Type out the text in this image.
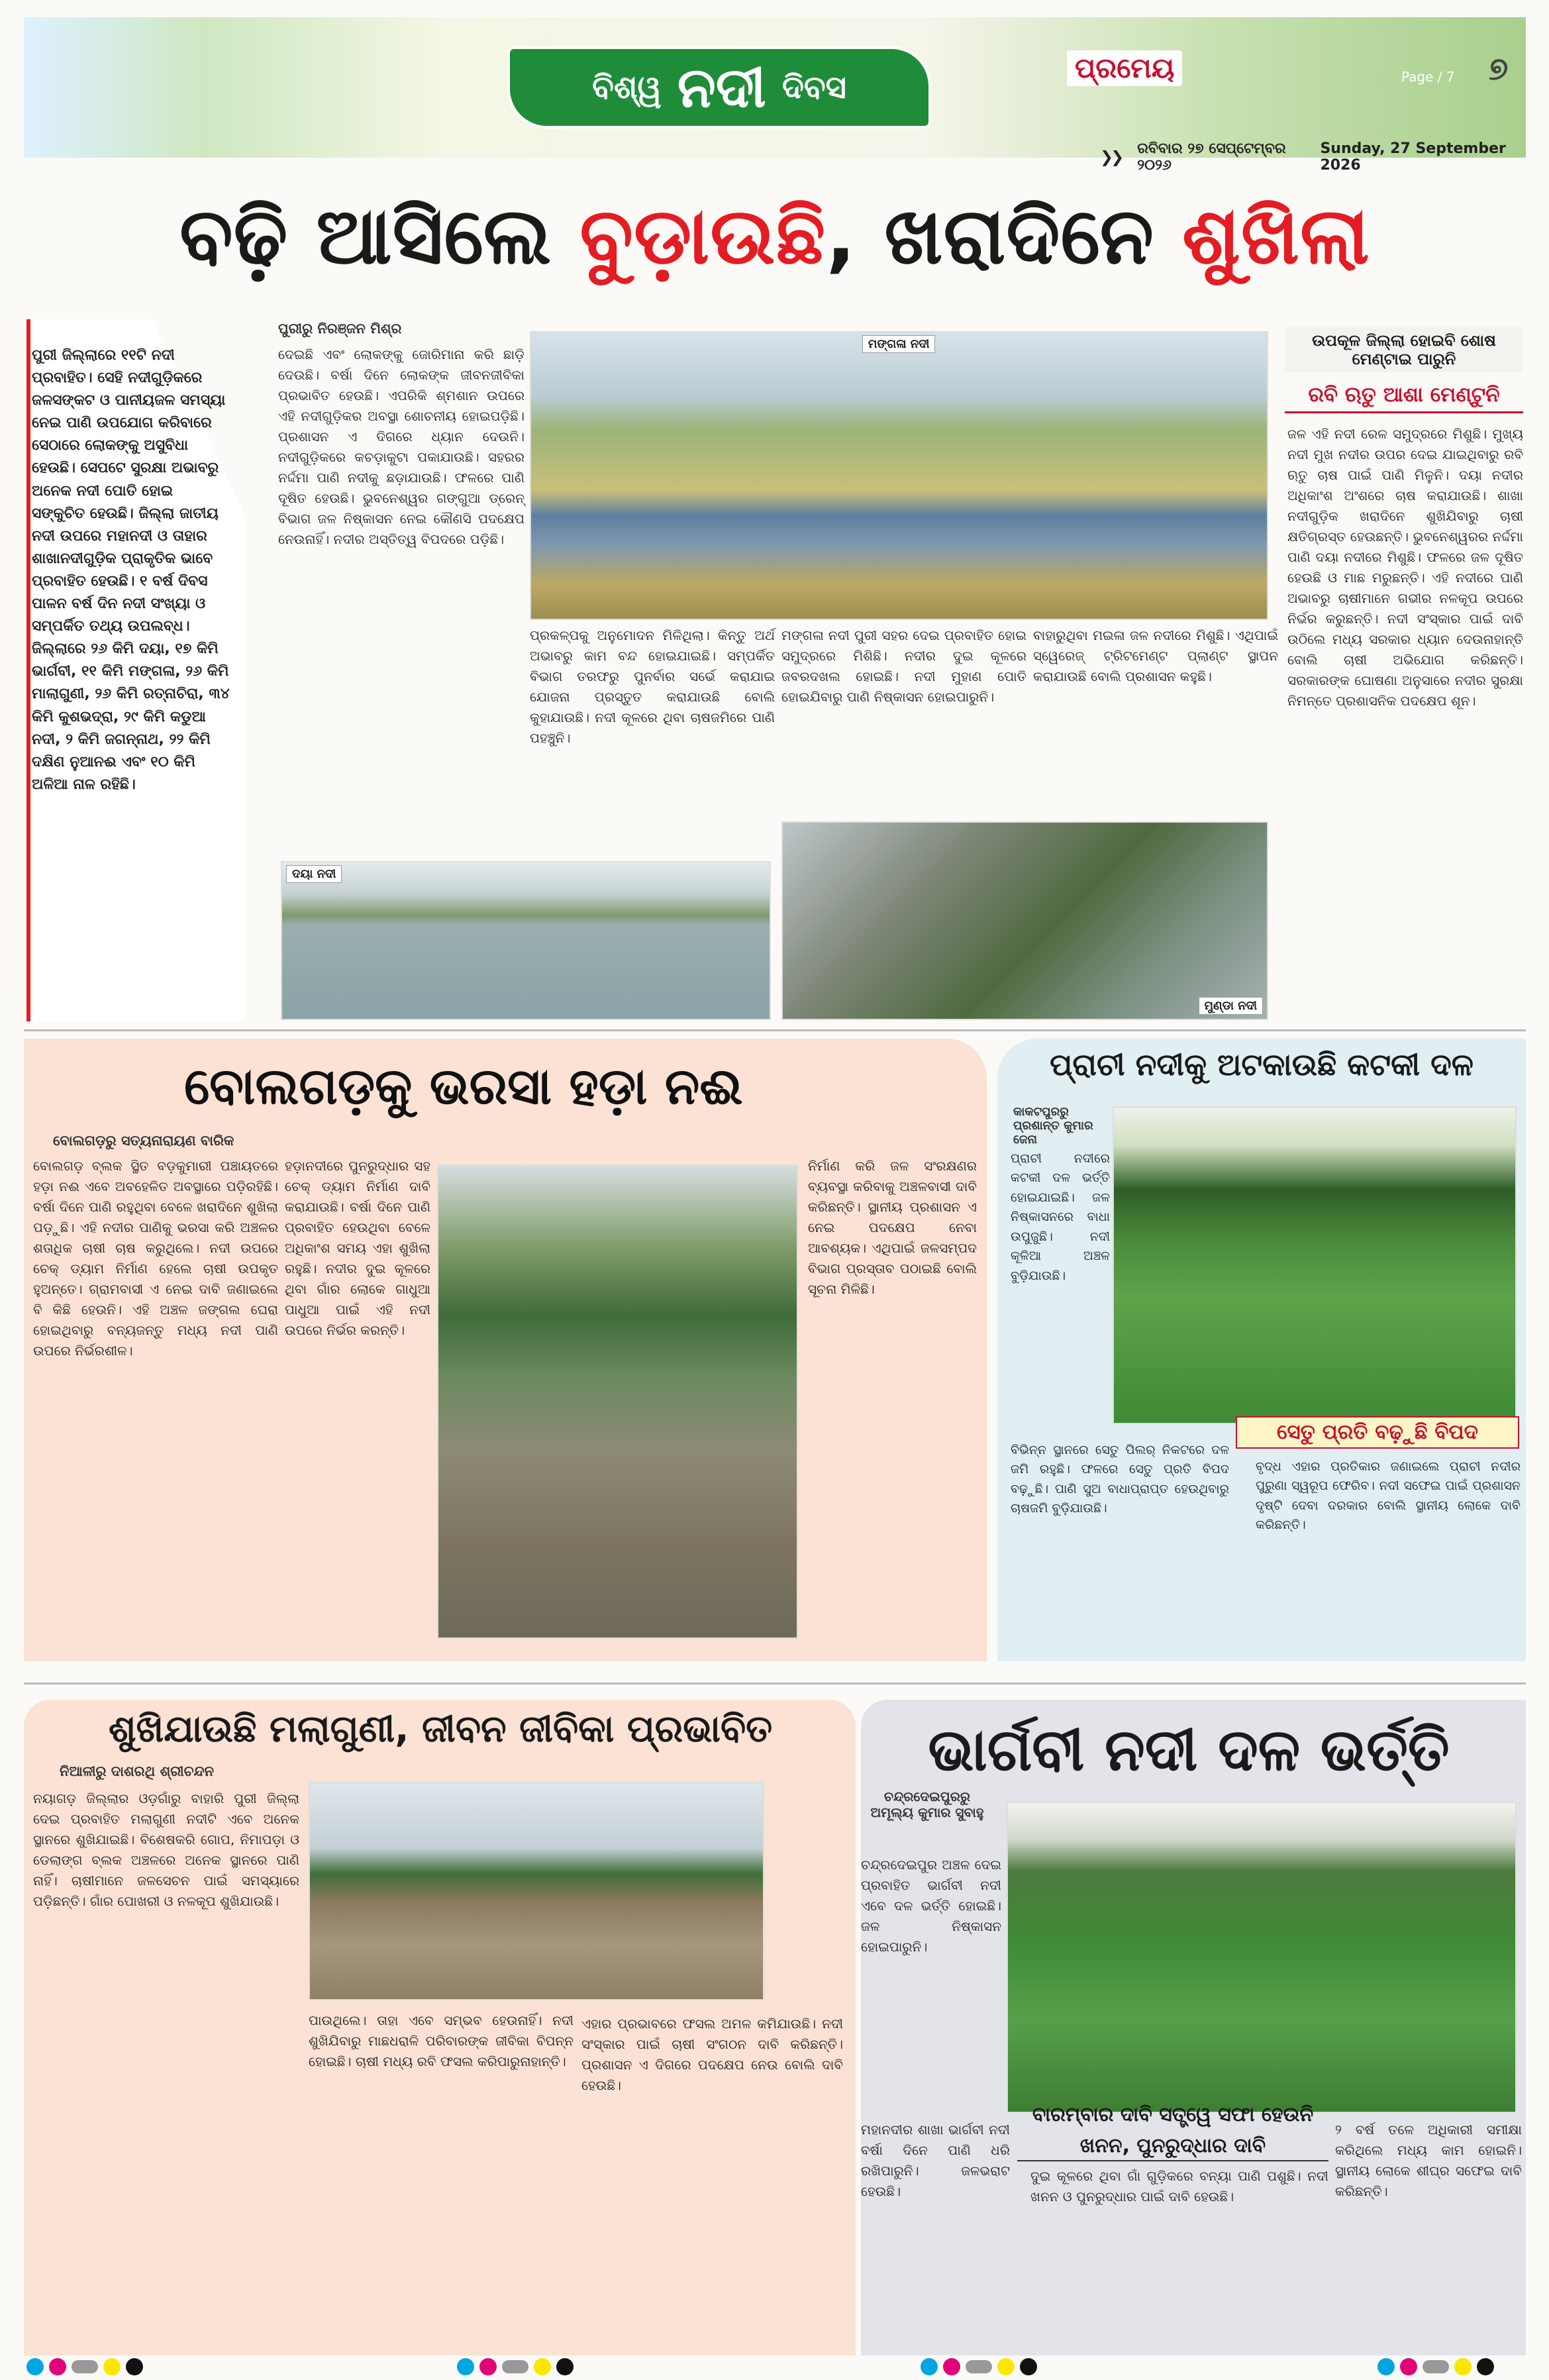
ବିଶ୍ୱ ନଦୀ ଦିବସ
ପ୍ରମେୟ	Page / 7 ୭
❯❯ ରବିବାର ୨୭ ସେପ୍ଟେମ୍ବର ୨୦୨୬
Sunday, 27 September 2026
ବଢ଼ି ଆସିଲେ ବୁଡ଼ାଉଛି, ଖରାଦିନେ ଶୁଖିଲା
ପୁରୀ ଜିଲ୍ଲାରେ ୧୧ଟି ନଦୀ ପ୍ରବାହିତ। ସେହି ନଦୀଗୁଡ଼ିକରେ ଜଳସଙ୍କଟ ଓ ପାନୀୟଜଳ ସମସ୍ୟା ନେଇ ପାଣି ଉପଯୋଗ କରିବାରେ ସେଠାରେ ଲୋକଙ୍କୁ ଅସୁବିଧା ହେଉଛି। ସେପଟେ ସୁରକ୍ଷା ଅଭାବରୁ ଅନେକ ନଦୀ ପୋତି ହୋଇ ସଙ୍କୁଚିତ ହେଉଛି। ଜିଲ୍ଲା ଜାତୀୟ ନଦୀ ଉପରେ ମହାନଦୀ ଓ ତାହାର ଶାଖାନଦୀଗୁଡ଼ିକ ପ୍ରାକୃତିକ ଭାବେ ପ୍ରବାହିତ ହେଉଛି। ୧ ବର୍ଷ ଦିବସ ପାଳନ ବର୍ଷ ଦିନ ନଦୀ ସଂଖ୍ୟା ଓ ସମ୍ପର୍କିତ ତଥ୍ୟ ଉପଲବ୍ଧ। ଜିଲ୍ଲାରେ ୨୬ କିମି ଦୟା, ୧୭ କିମି ଭାର୍ଗବୀ, ୧୧ କିମି ମଙ୍ଗଳା, ୨୬ କିମି ମାଲାଗୁଣୀ, ୨୬ କିମି ରତ୍ନାଚିରା, ୩୪ କିମି କୁଶଭଦ୍ରା, ୨୯ କିମି କଡୁଆ ନଦୀ, ୨ କିମି ଜଗନ୍ନାଥ, ୨୨ କିମି ଦକ୍ଷିଣ ନୁଆନଈ ଏବଂ ୧୦ କିମି ଅଳିଆ ନାଳ ରହିଛି।
ପୁରୀରୁ ନିରଞ୍ଜନ ମିଶ୍ର
ଦେଇଛି ଏବଂ ଲୋକଙ୍କୁ ଜୋରିମାନା କରି ଛାଡ଼ି ଦେଉଛି। ବର୍ଷା ଦିନେ ଲୋକଙ୍କ ଜୀବନଜୀବିକା ପ୍ରଭାବିତ ହେଉଛି। ଏପରିକି ଶ୍ମଶାନ ଉପରେ ଏହି ନଦୀଗୁଡ଼ିକର ଅବସ୍ଥା ଶୋଚନୀୟ ହୋଇପଡ଼ିଛି। ପ୍ରଶାସନ ଏ ଦିଗରେ ଧ୍ୟାନ ଦେଉନି। ନଦୀଗୁଡ଼ିକରେ କଚଡ଼ାକୁଟା ପକାଯାଉଛି। ସହରର ନର୍ଦ୍ଦମା ପାଣି ନଦୀକୁ ଛଡ଼ାଯାଉଛି। ଫଳରେ ପାଣି ଦୂଷିତ ହେଉଛି। ଭୁବନେଶ୍ୱର ଗଙ୍ଗୁଆ ଡ୍ରେନ୍ ବିଭାଗ ଜଳ ନିଷ୍କାସନ ନେଇ କୌଣସି ପଦକ୍ଷେପ ନେଉନାହିଁ। ନଦୀର ଅସ୍ତିତ୍ୱ ବିପଦରେ ପଡ଼ିଛି।
ମଙ୍ଗଳା ନଦୀ
ପ୍ରକଳ୍ପକୁ ଅନୁମୋଦନ ମିଳିଥିଲା। କିନ୍ତୁ ଅର୍ଥ ଅଭାବରୁ କାମ ବନ୍ଦ ହୋଇଯାଇଛି। ସମ୍ପର୍କିତ ବିଭାଗ ତରଫରୁ ପୁନର୍ବାର ସର୍ଭେ କରାଯାଇ ଯୋଜନା ପ୍ରସ୍ତୁତ କରାଯାଉଛି ବୋଲି କୁହାଯାଉଛି। ନଦୀ କୂଳରେ ଥିବା ଚାଷଜମିରେ ପାଣି ପହଞ୍ଚୁନି।
ମଙ୍ଗଳା ନଦୀ ପୁରୀ ସହର ଦେଇ ପ୍ରବାହିତ ହୋଇ ସମୁଦ୍ରରେ ମିଶିଛି। ନଦୀର ଦୁଇ କୂଳରେ ଜବରଦଖଲ ହୋଇଛି। ନଦୀ ମୁହାଣ ପୋତି ହୋଇଯିବାରୁ ପାଣି ନିଷ୍କାସନ ହୋଇପାରୁନି।
ବାହାରୁଥିବା ମଇଳା ଜଳ ନଦୀରେ ମିଶୁଛି। ଏଥିପାଇଁ ସ୍ୱେରେଜ୍ ଟ୍ରିଟମେଣ୍ଟ ପ୍ଲାଣ୍ଟ ସ୍ଥାପନ କରାଯାଉଛି ବୋଲି ପ୍ରଶାସନ କହୁଛି।
ଦୟା ନଦୀ
ମୁଣ୍ଡା ନଦୀ
ଉପକୂଳ ଜିଲ୍ଲା ହୋଇବି ଶୋଷ ମେଣ୍ଟାଇ ପାରୁନି
ରବି ଋତୁ ଆଶା ମେଣ୍ଟୁନି
ଜଳ ଏହି ନଦୀ ରେଳ ସମୁଦ୍ରରେ ମିଶୁଛି। ମୁଖ୍ୟ ନଦୀ ମୁଖ ନଦୀର ଉପର ଦେଇ ଯାଇଥିବାରୁ ରବି ଋତୁ ଚାଷ ପାଇଁ ପାଣି ମିଳୁନି। ଦୟା ନଦୀର ଅଧିକାଂଶ ଅଂଶରେ ଚାଷ କରାଯାଉଛି। ଶାଖା ନଦୀଗୁଡ଼ିକ ଖରାଦିନେ ଶୁଖିଯିବାରୁ ଚାଷୀ କ୍ଷତିଗ୍ରସ୍ତ ହେଉଛନ୍ତି। ଭୁବନେଶ୍ୱରର ନର୍ଦ୍ଦମା ପାଣି ଦୟା ନଦୀରେ ମିଶୁଛି। ଫଳରେ ଜଳ ଦୂଷିତ ହେଉଛି ଓ ମାଛ ମରୁଛନ୍ତି। ଏହି ନଦୀରେ ପାଣି ଅଭାବରୁ ଚାଷୀମାନେ ଗଭୀର ନଳକୂପ ଉପରେ ନିର୍ଭର କରୁଛନ୍ତି। ନଦୀ ସଂସ୍କାର ପାଇଁ ଦାବି ଉଠିଲେ ମଧ୍ୟ ସରକାର ଧ୍ୟାନ ଦେଉନାହାନ୍ତି ବୋଲି ଚାଷୀ ଅଭିଯୋଗ କରିଛନ୍ତି। ସରକାରଙ୍କ ଘୋଷଣା ଅନୁସାରେ ନଦୀର ସୁରକ୍ଷା ନିମନ୍ତେ ପ୍ରଶାସନିକ ପଦକ୍ଷେପ ଶୂନ।
ବୋଲଗଡ଼କୁ ଭରସା ହଡ଼ା ନଈ
ବୋଲଗଡ଼ରୁ ସତ୍ୟନାରାୟଣ ବାରିକ
ବୋଲଗଡ଼ ବ୍ଲକ ସ୍ଥିତ ବଡ଼କୁମାରୀ ପଞ୍ଚାୟତରେ ହଡ଼ା ନଈ ଏବେ ଅବହେଳିତ ଅବସ୍ଥାରେ ପଡ଼ିରହିଛି। ବର୍ଷା ଦିନେ ପାଣି ରହୁଥିବା ବେଳେ ଖରାଦିନେ ଶୁଖିଲା ପଡ଼ୁଛି। ଏହି ନଦୀର ପାଣିକୁ ଭରସା କରି ଅଞ୍ଚଳର ଶତାଧିକ ଚାଷୀ ଚାଷ କରୁଥିଲେ। ନଦୀ ଉପରେ ଚେକ୍ ଡ୍ୟାମ ନିର୍ମାଣ ହେଲେ ଚାଷୀ ଉପକୃତ ହୁଅନ୍ତେ। ଗ୍ରାମବାସୀ ଏ ନେଇ ଦାବି ଜଣାଇଲେ ବି କିଛି ହେଉନି। ଏହି ଅଞ୍ଚଳ ଜଙ୍ଗଲ ଘେରା ହୋଇଥିବାରୁ ବନ୍ୟଜନ୍ତୁ ମଧ୍ୟ ନଦୀ ପାଣି ଉପରେ ନିର୍ଭରଶୀଳ।
ହଡ଼ାନଦୀରେ ପୁନରୁଦ୍ଧାର ସହ ଚେକ୍ ଡ୍ୟାମ ନିର୍ମାଣ ଦାବି କରାଯାଉଛି। ବର୍ଷା ଦିନେ ପାଣି ପ୍ରବାହିତ ହେଉଥିବା ବେଳେ ଅଧିକାଂଶ ସମୟ ଏହା ଶୁଖିଲା ରହୁଛି। ନଦୀର ଦୁଇ କୂଳରେ ଥିବା ଗାଁର ଲୋକେ ଗାଧୁଆ ପାଧୁଆ ପାଇଁ ଏହି ନଦୀ ଉପରେ ନିର୍ଭର କରନ୍ତି।
ନିର୍ମାଣ କରି ଜଳ ସଂରକ୍ଷଣର ବ୍ୟବସ୍ଥା କରିବାକୁ ଅଞ୍ଚଳବାସୀ ଦାବି କରିଛନ୍ତି। ସ୍ଥାନୀୟ ପ୍ରଶାସନ ଏ ନେଇ ପଦକ୍ଷେପ ନେବା ଆବଶ୍ୟକ। ଏଥିପାଇଁ ଜଳସମ୍ପଦ ବିଭାଗ ପ୍ରସ୍ତାବ ପଠାଇଛି ବୋଲି ସୂଚନା ମିଳିଛି।
ପ୍ରାଚୀ ନଦୀକୁ ଅଟକାଉଛି କଟକୀ ଦଳ
କାକଟପୁରରୁ ପ୍ରଶାନ୍ତ କୁମାର ଜେନା
ପ୍ରାଚୀ ନଦୀରେ କଟକୀ ଦଳ ଭର୍ତ୍ତି ହୋଇଯାଇଛି। ଜଳ ନିଷ୍କାସନରେ ବାଧା ଉପୁଜୁଛି। ନଦୀ କୂଳିଆ ଅଞ୍ଚଳ ବୁଡ଼ିଯାଉଛି।
ସେତୁ ପ୍ରତି ବଢ଼ୁଛି ବିପଦ
ବିଭିନ୍ନ ସ୍ଥାନରେ ସେତୁ ପିଲର୍ ନିକଟରେ ଦଳ ଜମି ରହୁଛି। ଫଳରେ ସେତୁ ପ୍ରତି ବିପଦ ବଢ଼ୁଛି। ପାଣି ସୁଅ ବାଧାପ୍ରାପ୍ତ ହେଉଥିବାରୁ ଚାଷଜମି ବୁଡ଼ିଯାଉଛି।
ବୃଦ୍ଧ ଏହାର ପ୍ରତିକାର ଜଣାଇଲେ ପ୍ରାଚୀ ନଦୀର ପୁରୁଣା ସ୍ୱରୂପ ଫେରିବ। ନଦୀ ସଫେଇ ପାଇଁ ପ୍ରଶାସନ ଦୃଷ୍ଟି ଦେବା ଦରକାର ବୋଲି ସ୍ଥାନୀୟ ଲୋକେ ଦାବି କରିଛନ୍ତି।
ଶୁଖିଯାଉଛି ମଲାଗୁଣୀ, ଜୀବନ ଜୀବିକା ପ୍ରଭାବିତ
ନିଆଳୀରୁ ଦାଶରଥି ଶ୍ରୀଚନ୍ଦନ
ନୟାଗଡ଼ ଜିଲ୍ଲାର ଓଡ଼ଗାଁରୁ ବାହାରି ପୁରୀ ଜିଲ୍ଲା ଦେଇ ପ୍ରବାହିତ ମଲାଗୁଣୀ ନଦୀଟି ଏବେ ଅନେକ ସ୍ଥାନରେ ଶୁଖିଯାଇଛି। ବିଶେଷକରି ଗୋପ, ନିମାପଡ଼ା ଓ ଡେଲାଙ୍ଗ ବ୍ଲକ ଅଞ୍ଚଳରେ ଅନେକ ସ୍ଥାନରେ ପାଣି ନାହିଁ। ଚାଷୀମାନେ ଜଳସେଚନ ପାଇଁ ସମସ୍ୟାରେ ପଡ଼ିଛନ୍ତି। ଗାଁର ପୋଖରୀ ଓ ନଳକୂପ ଶୁଖିଯାଉଛି।
ପାଉଥିଲେ। ତାହା ଏବେ ସମ୍ଭବ ହେଉନାହିଁ। ନଦୀ ଶୁଖିଯିବାରୁ ମାଛଧରାଳି ପରିବାରଙ୍କ ଜୀବିକା ବିପନ୍ନ ହୋଇଛି। ଚାଷୀ ମଧ୍ୟ ରବି ଫସଲ କରିପାରୁନାହାନ୍ତି।
ଏହାର ପ୍ରଭାବରେ ଫସଲ ଅମଳ କମିଯାଉଛି। ନଦୀ ସଂସ୍କାର ପାଇଁ ଚାଷୀ ସଂଗଠନ ଦାବି କରିଛନ୍ତି। ପ୍ରଶାସନ ଏ ଦିଗରେ ପଦକ୍ଷେପ ନେଉ ବୋଲି ଦାବି ହେଉଛି।
ଭାର୍ଗବୀ ନଦୀ ଦଳ ଭର୍ତ୍ତି
ଚନ୍ଦ୍ରଦେଇପୁରରୁ ଅମୂଲ୍ୟ କୁମାର ସୁବାହୁ
ଚନ୍ଦ୍ରଦେଇପୁର ଅଞ୍ଚଳ ଦେଇ ପ୍ରବାହିତ ଭାର୍ଗବୀ ନଦୀ ଏବେ ଦଳ ଭର୍ତ୍ତି ହୋଇଛି। ଜଳ ନିଷ୍କାସନ ହୋଇପାରୁନି।
ମହାନଦୀର ଶାଖା ଭାର୍ଗବୀ ନଦୀ ବର୍ଷା ଦିନେ ପାଣି ଧରି ରଖିପାରୁନି। ଜଳଭରାଟ ହେଉଛି।
ବାରମ୍ବାର ଦାବି ସତ୍ତ୍ୱେ ସଫା ହେଉନି
ଖନନ, ପୁନରୁଦ୍ଧାର ଦାବି
ଦୁଇ କୂଳରେ ଥିବା ଗାଁ ଗୁଡ଼ିକରେ ବନ୍ୟା ପାଣି ପଶୁଛି। ନଦୀ ଖନନ ଓ ପୁନରୁଦ୍ଧାର ପାଇଁ ଦାବି ହେଉଛି।
୨ ବର୍ଷ ତଳେ ଅଧିକାରୀ ସମୀକ୍ଷା କରିଥିଲେ ମଧ୍ୟ କାମ ହୋଇନି। ସ୍ଥାନୀୟ ଲୋକେ ଶୀଘ୍ର ସଫେଇ ଦାବି କରିଛନ୍ତି।
